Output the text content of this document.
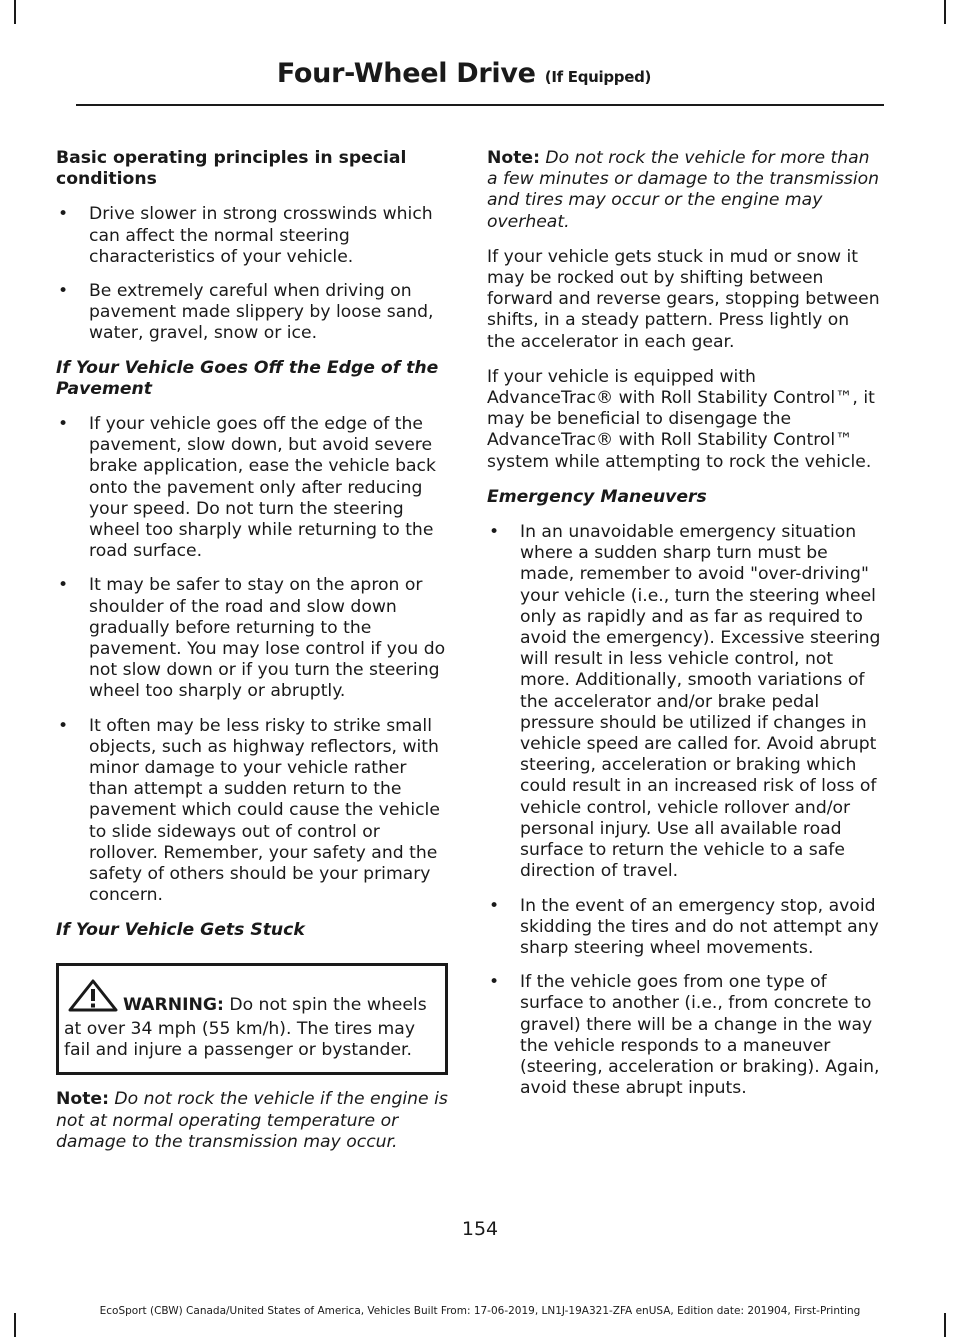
Four-Wheel Drive (If Equipped)
Basic operating principles in special conditions
• Drive slower in strong crosswinds which can affect the normal steering characteristics of your vehicle.
• Be extremely careful when driving on pavement made slippery by loose sand, water, gravel, snow or ice.
If Your Vehicle Goes Off the Edge of the Pavement
• If your vehicle goes off the edge of the pavement, slow down, but avoid severe brake application, ease the vehicle back onto the pavement only after reducing your speed. Do not turn the steering wheel too sharply while returning to the road surface.
• It may be safer to stay on the apron or shoulder of the road and slow down gradually before returning to the pavement. You may lose control if you do not slow down or if you turn the steering wheel too sharply or abruptly.
• It often may be less risky to strike small objects, such as highway reflectors, with minor damage to your vehicle rather than attempt a sudden return to the pavement which could cause the vehicle to slide sideways out of control or rollover. Remember, your safety and the safety of others should be your primary concern.
If Your Vehicle Gets Stuck
WARNING: Do not spin the wheels at over 34 mph (55 km/h). The tires may fail and injure a passenger or bystander.

Note: Do not rock the vehicle if the engine is not at normal operating temperature or damage to the transmission may occur.

Note: Do not rock the vehicle for more than a few minutes or damage to the transmission and tires may occur or the engine may overheat.

If your vehicle gets stuck in mud or snow it may be rocked out by shifting between forward and reverse gears, stopping between shifts, in a steady pattern. Press lightly on the accelerator in each gear.

If your vehicle is equipped with AdvanceTrac® with Roll Stability Control™, it may be beneficial to disengage the AdvanceTrac® with Roll Stability Control™ system while attempting to rock the vehicle.

Emergency Maneuvers
• In an unavoidable emergency situation where a sudden sharp turn must be made, remember to avoid "over-driving" your vehicle (i.e., turn the steering wheel only as rapidly and as far as required to avoid the emergency). Excessive steering will result in less vehicle control, not more. Additionally, smooth variations of the accelerator and/or brake pedal pressure should be utilized if changes in vehicle speed are called for. Avoid abrupt steering, acceleration or braking which could result in an increased risk of loss of vehicle control, vehicle rollover and/or personal injury. Use all available road surface to return the vehicle to a safe direction of travel.
• In the event of an emergency stop, avoid skidding the tires and do not attempt any sharp steering wheel movements.
• If the vehicle goes from one type of surface to another (i.e., from concrete to gravel) there will be a change in the way the vehicle responds to a maneuver (steering, acceleration or braking). Again, avoid these abrupt inputs.
154
EcoSport (CBW) Canada/United States of America, Vehicles Built From: 17-06-2019, LN1J-19A321-ZFA enUSA, Edition date: 201904, First-Printing
